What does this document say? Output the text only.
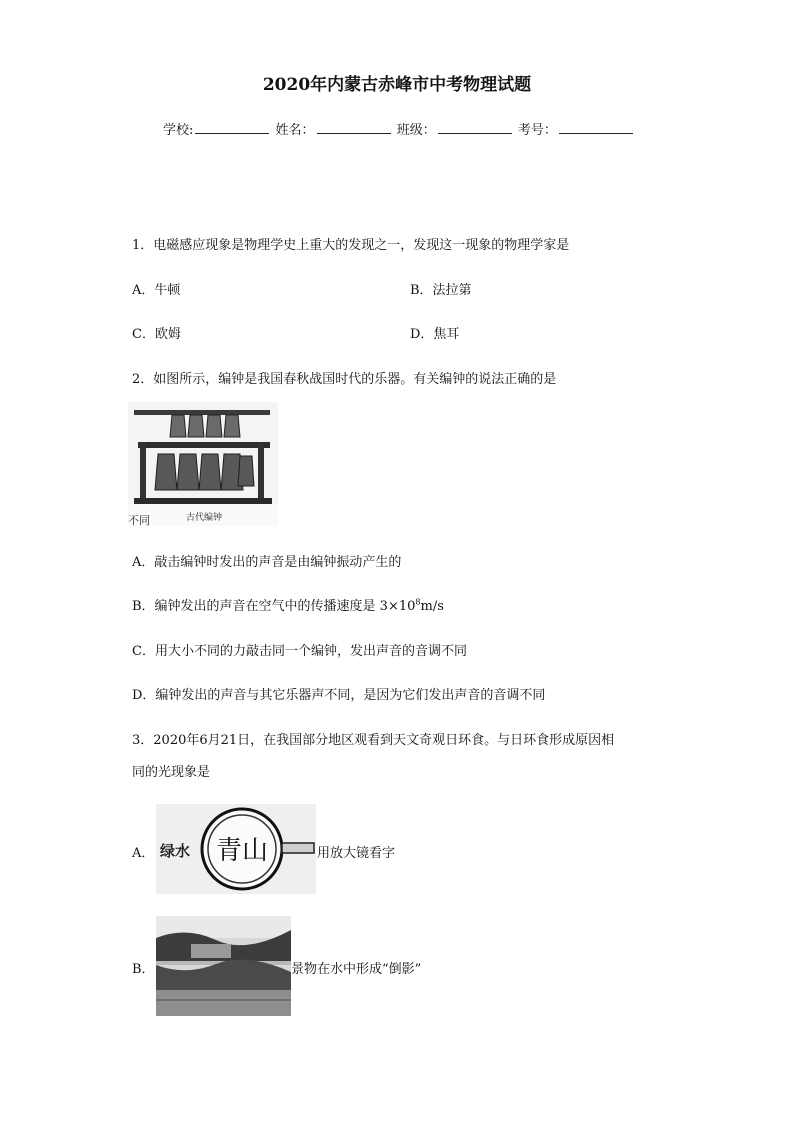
2020年内蒙古赤峰市中考物理试题
学校:	姓名：	班级：	考号：
1．电磁感应现象是物理学史上重大的发现之一，发现这一现象的物理学家是
A．牛顿	B．法拉第
C．欧姆	D．焦耳
2．如图所示，编钟是我国春秋战国时代的乐器。有关编钟的说法正确的是
不同	古代编钟
A．敲击编钟时发出的声音是由编钟振动产生的
B．编钟发出的声音在空气中的传播速度是 $3\times 10^8m/s$
C．用大小不同的力敲击同一个编钟，发出声音的音调不同
D．编钟发出的声音与其它乐器声不同，是因为它们发出声音的音调不同
3．2020年6月21日，在我国部分地区观看到天文奇观日环食。与日环食形成原因相
同的光现象是
A． 绿水 青山	用放大镜看字
B．	景物在水中形成“倒影”
